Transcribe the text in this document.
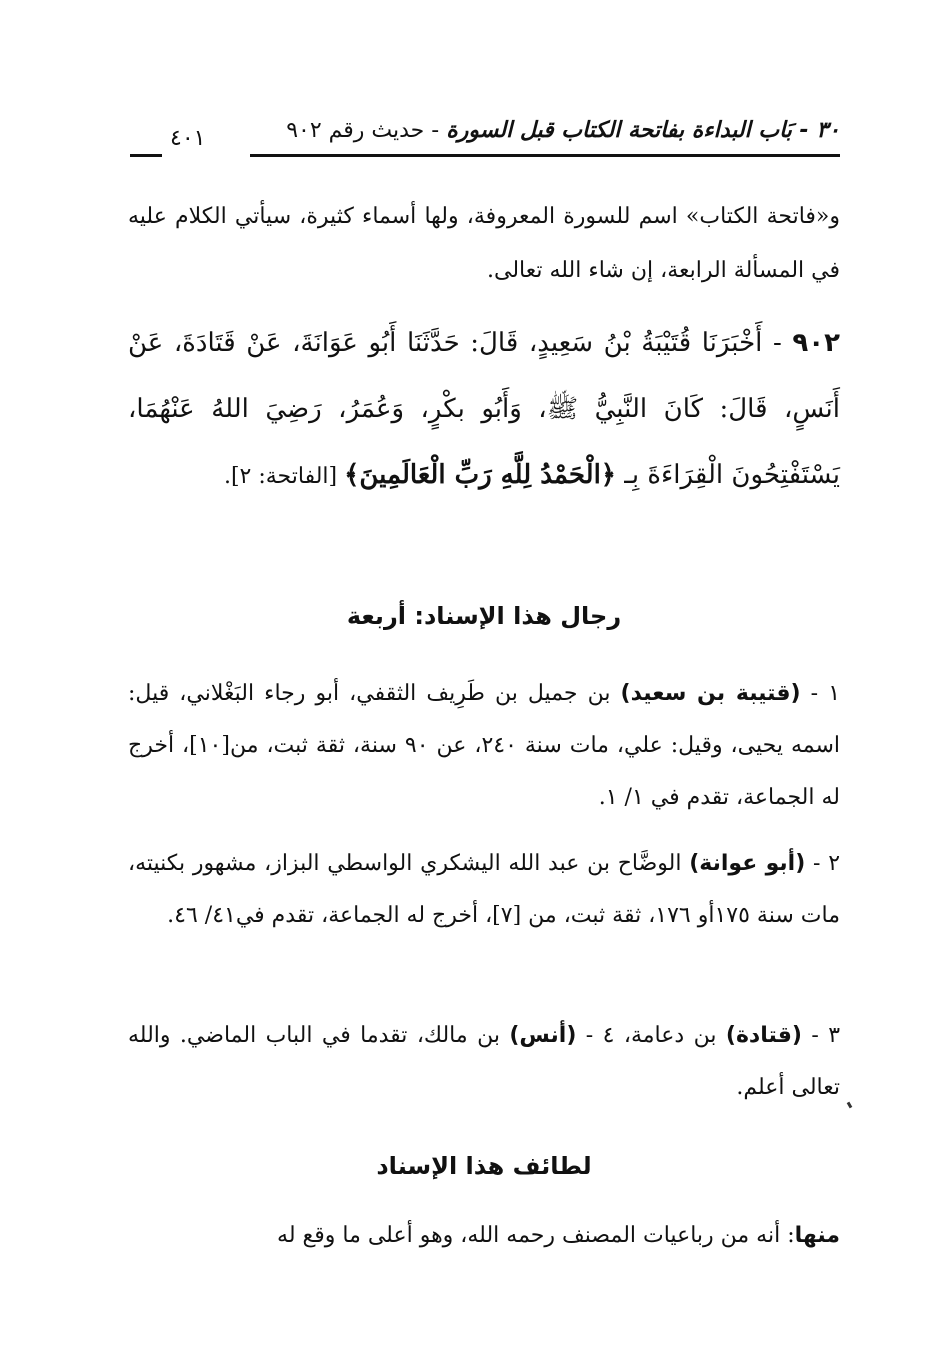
٣٠ - بَاب البداءة بفاتحة الكتاب قبل السورة - حديث رقم ٩٠٢
٤٠١

و«فاتحة الكتاب» اسم للسورة المعروفة، ولها أسماء كثيرة، سيأتي الكلام عليه في المسألة الرابعة، إن شاء الله تعالى.

٩٠٢ - أَخْبَرَنَا قُتَيْبَةُ بْنُ سَعِيدٍ، قَالَ: حَدَّثَنَا أَبُو عَوَانَةَ، عَنْ قَتَادَةَ، عَنْ أَنَسٍ، قَالَ: كَانَ النَّبِيُّ ﷺ، وَأَبُو بكْرٍ، وَعُمَرُ، رَضِيَ اللهُ عَنْهُمَا، يَسْتَفْتِحُونَ الْقِرَاءَةَ بِـ ﴿الْحَمْدُ لِلَّهِ رَبِّ الْعَالَمِينَ﴾ [الفاتحة: ٢].

رجال هذا الإسناد: أربعة

١ - (قتيبة بن سعيد) بن جميل بن طَرِيف الثقفي، أبو رجاء البَغْلاني، قيل: اسمه يحيى، وقيل: علي، مات سنة ٢٤٠، عن ٩٠ سنة، ثقة ثبت، من[١٠]، أخرج له الجماعة، تقدم في ١/ ١.

٢ - (أبو عوانة) الوضَّاح بن عبد الله اليشكري الواسطي البزاز، مشهور بكنيته، مات سنة ١٧٥أو ١٧٦، ثقة ثبت، من [٧]، أخرج له الجماعة، تقدم في٤١/ ٤٦.

٣ - (قتادة) بن دعامة، ٤ - (أنس) بن مالك، تقدما في الباب الماضي. والله تعالى أعلم.

لطائف هذا الإسناد

منها: أنه من رباعيات المصنف رحمه الله، وهو أعلى ما وقع له
